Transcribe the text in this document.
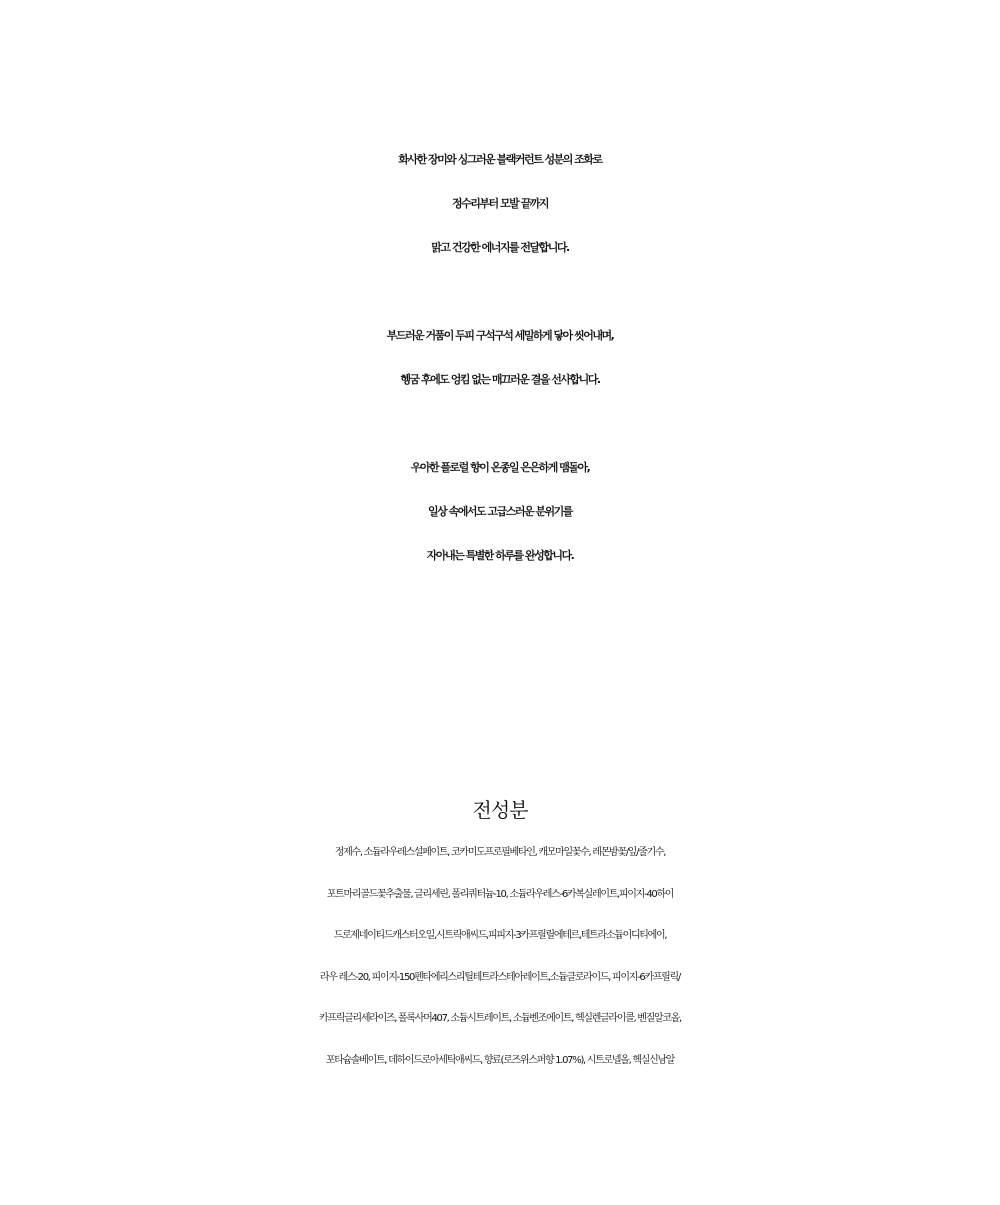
화사한 장미와 싱그러운 블랙커런트 성분의 조화로
정수리부터 모발 끝까지
맑고 건강한 에너지를 전달합니다.

부드러운 거품이 두피 구석구석 세밀하게 닿아 씻어내며,
헹굼 후에도 엉킴 없는 매끄러운 결을 선사합니다.

우아한 플로럴 향이 온종일 은은하게 맴돌아,
일상 속에서도 고급스러운 분위기를
자아내는 특별한 하루를 완성합니다.

전성분
정제수, 소듐라우레스설페이트, 코카미도프로필베타인, 캐모마일꽃수, 레몬밤꽃/잎/줄기수,
포트마리골드꽃추출물, 글리세린, 폴리쿼터늄-10, 소듐라우레스-6카복실레이트,피이지-40하이
드로제네이티드캐스터오일,시트릭애씨드,피피지-3카프릴릴에테르,테트라소듐이디티에이,
라우 레스-20, 피이지-150펜타에리스리틸테트라스테아레이트,소듐클로라이드, 피이지-6카프릴릭/
카프릭글리세라이즈, 폴록사머407, 소듐시트레이트, 소듐벤조에이트, 헥실렌글라이콜, 벤질알코올,
포타슘솔베이트, 데하이드로아세틱애씨드, 향료(로즈위스퍼향 1.07%), 시트로넬올, 헥실신남알
